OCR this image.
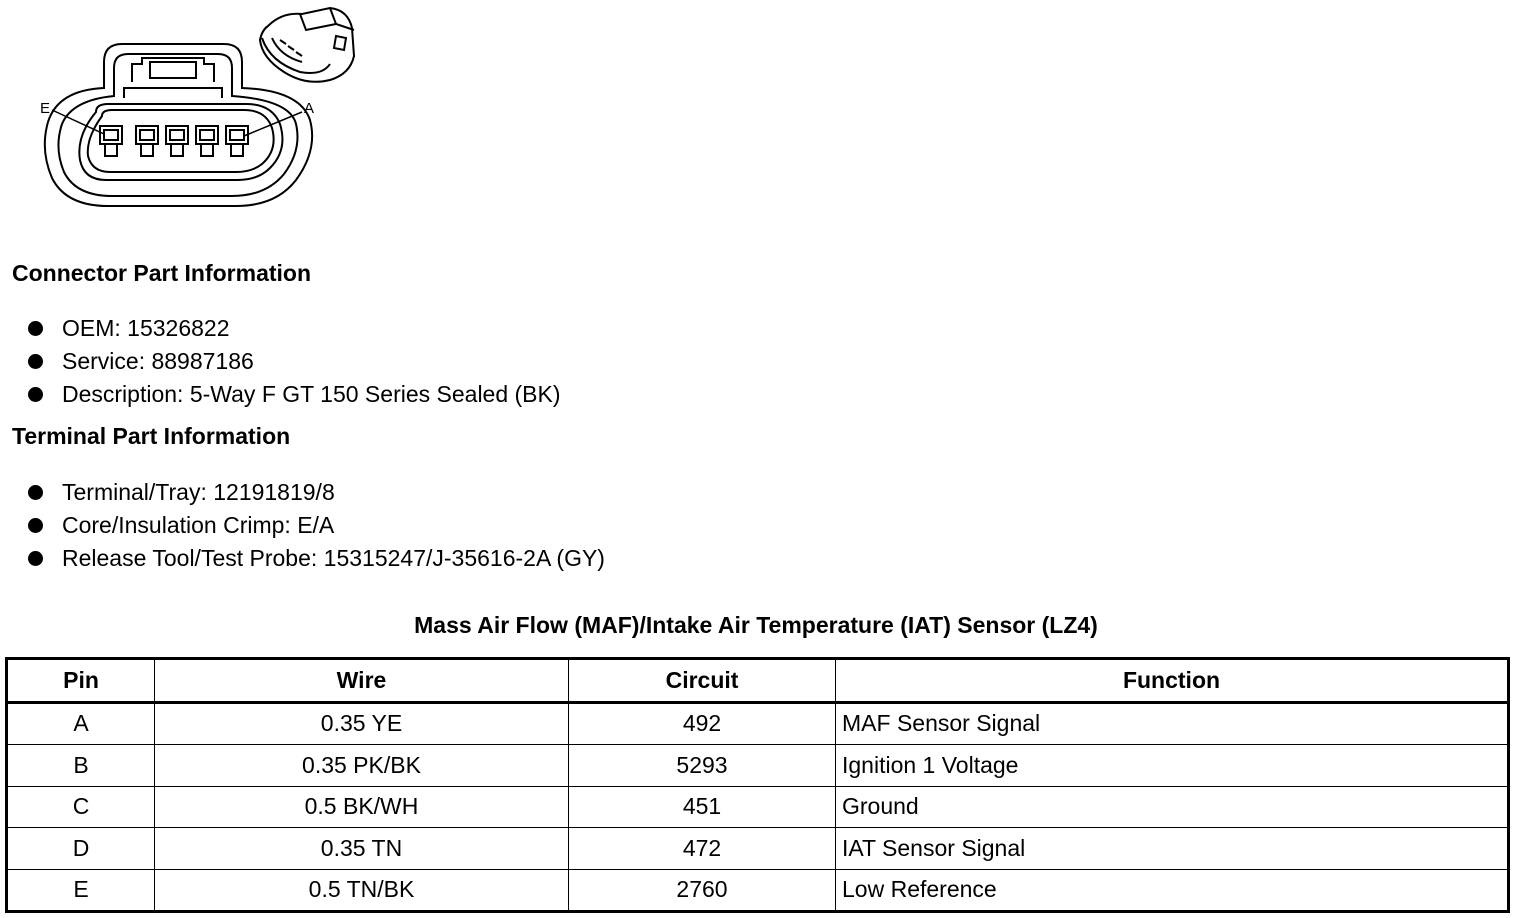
E	A
Connector Part Information
OEM: 15326822
Service: 88987186
Description: 5-Way F GT 150 Series Sealed (BK)
Terminal Part Information
Terminal/Tray: 12191819/8
Core/Insulation Crimp: E/A
Release Tool/Test Probe: 15315247/J-35616-2A (GY)
Mass Air Flow (MAF)/Intake Air Temperature (IAT) Sensor (LZ4)
Pin	Wire	Circuit	Function
A	0.35 YE	492	MAF Sensor Signal
B	0.35 PK/BK	5293	Ignition 1 Voltage
C	0.5 BK/WH	451	Ground
D	0.35 TN	472	IAT Sensor Signal
E	0.5 TN/BK	2760	Low Reference
